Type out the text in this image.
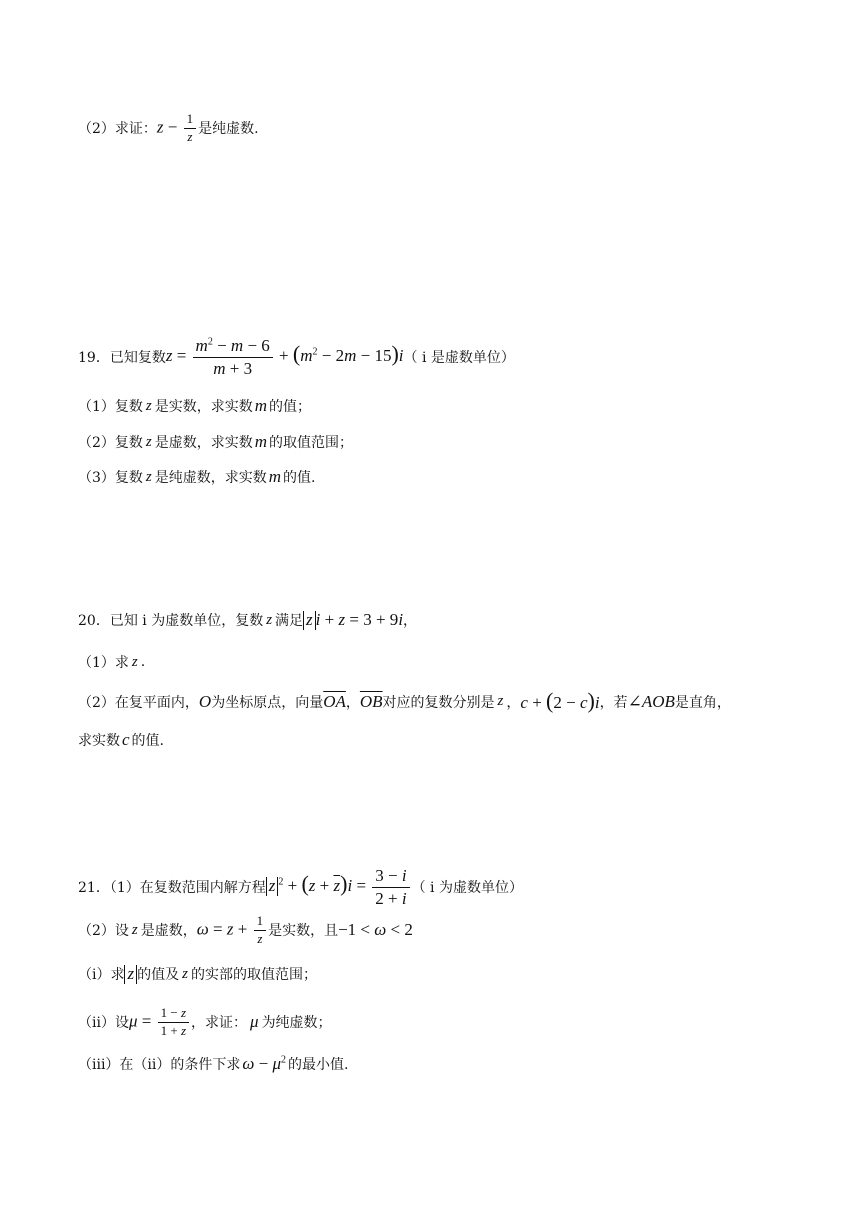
（2）求证： $z - \frac{1}{z}$ 是纯虚数.
19．已知复数 $z = \frac{m^2 - m - 6}{m + 3} + (m^2 - 2m - 15)i$ （ i 是虚数单位）
（1）复数 z 是实数，求实数 m 的值；
（2）复数 z 是虚数，求实数 m 的取值范围；
（3）复数 z 是纯虚数，求实数 m 的值.
20．已知 i 为虚数单位，复数 z 满足 z i + z = 3 + 9i ，
（1）求 z .
（2）在复平面内， O 为坐标原点，向量 $\overline{OA}$ ， $\overline{OB}$ 对应的复数分别是 z ， c + (2 − c)i ，若 ∠AOB 是直角，
求实数 c 的值.
21．（1）在复数范围内解方程 z $^2 + (z + \overline{z})i = \frac{3 - i}{2 + i}$ （ i 为虚数单位）
（2）设 z 是虚数， $\omega = z + \frac{1}{z}$ 是实数，且 −1 < ω < 2
（i）求 z 的值及 z 的实部的取值范围；
（ii）设 $\mu = \frac{1 - z}{1 + z}$ ，求证： μ 为纯虚数；
（iii）在（ii）的条件下求 $\omega - \mu^2$ 的最小值.
